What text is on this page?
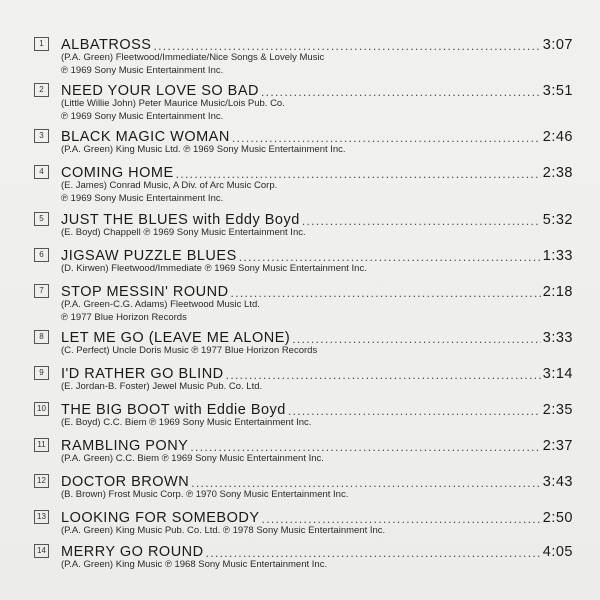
1	ALBATROSS . . .	3:07
(P.A. Green) Fleetwood/Immediate/Nice Songs & Lovely Music
℗ 1969 Sony Music Entertainment Inc.
2	NEED YOUR LOVE SO BAD . . .	3:51
(Little Willie John) Peter Maurice Music/Lois Pub. Co.
℗ 1969 Sony Music Entertainment Inc.
3	BLACK MAGIC WOMAN . . .	2:46
(P.A. Green) King Music Ltd. ℗ 1969 Sony Music Entertainment Inc.
4	COMING HOME . . .	2:38
(E. James) Conrad Music, A Div. of Arc Music Corp.
℗ 1969 Sony Music Entertainment Inc.
5	JUST THE BLUES with Eddy Boyd . . .	5:32
(E. Boyd) Chappell ℗ 1969 Sony Music Entertainment Inc.
6	JIGSAW PUZZLE BLUES . . .	1:33
(D. Kirwen) Fleetwood/Immediate ℗ 1969 Sony Music Entertainment Inc.
7	STOP MESSIN' ROUND . . .	2:18
(P.A. Green-C.G. Adams) Fleetwood Music Ltd.
℗ 1977 Blue Horizon Records
8	LET ME GO (LEAVE ME ALONE) . . .	3:33
(C. Perfect) Uncle Doris Music ℗ 1977 Blue Horizon Records
9	I'D RATHER GO BLIND . . .	3:14
(E. Jordan-B. Foster) Jewel Music Pub. Co. Ltd.
10 THE BIG BOOT with Eddie Boyd . . .	2:35
(E. Boyd) C.C. Biem ℗ 1969 Sony Music Entertainment Inc.
11 RAMBLING PONY . . .	2:37
(P.A. Green) C.C. Biem ℗ 1969 Sony Music Entertainment Inc.
12 DOCTOR BROWN . . .	3:43
(B. Brown) Frost Music Corp. ℗ 1970 Sony Music Entertainment Inc.
13 LOOKING FOR SOMEBODY . . .	2:50
(P.A. Green) King Music Pub. Co. Ltd. ℗ 1978 Sony Music Entertainment Inc.
14 MERRY GO ROUND . . .	4:05
(P.A. Green) King Music ℗ 1968 Sony Music Entertainment Inc.
